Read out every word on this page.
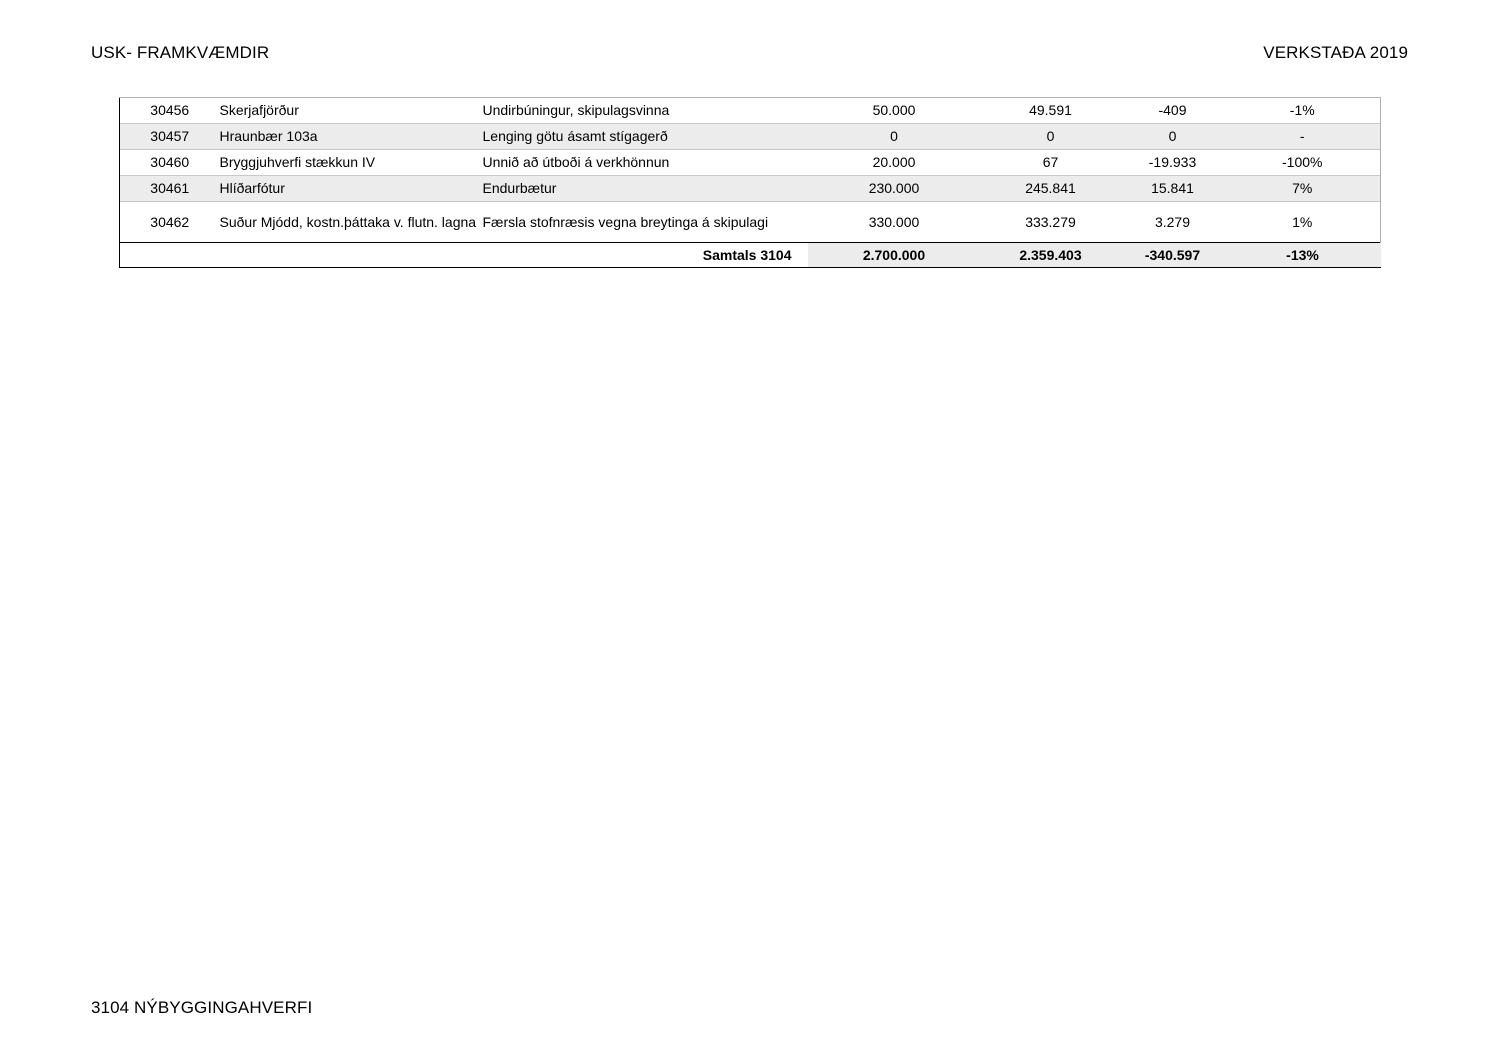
USK- FRAMKVÆMDIR	VERKSTAÐA 2019
30456	Skerjafjörður	Undirbúningur, skipulagsvinna	50.000	49.591	-409	-1%
30457	Hraunbær 103a	Lenging götu ásamt stígagerð	0	0	0	-
30460	Bryggjuhverfi stækkun IV	Unnið að útboði á verkhönnun	20.000	67	-19.933	-100%
30461	Hlíðarfótur	Endurbætur	230.000	245.841	15.841	7%
30462	Suður Mjódd, kostn.þáttaka v. flutn. lagna	Færsla stofnræsis vegna breytinga á skipulagi	330.000	333.279	3.279	1%
		Samtals 3104	2.700.000	2.359.403	-340.597	-13%
3104 NÝBYGGINGAHVERFI
